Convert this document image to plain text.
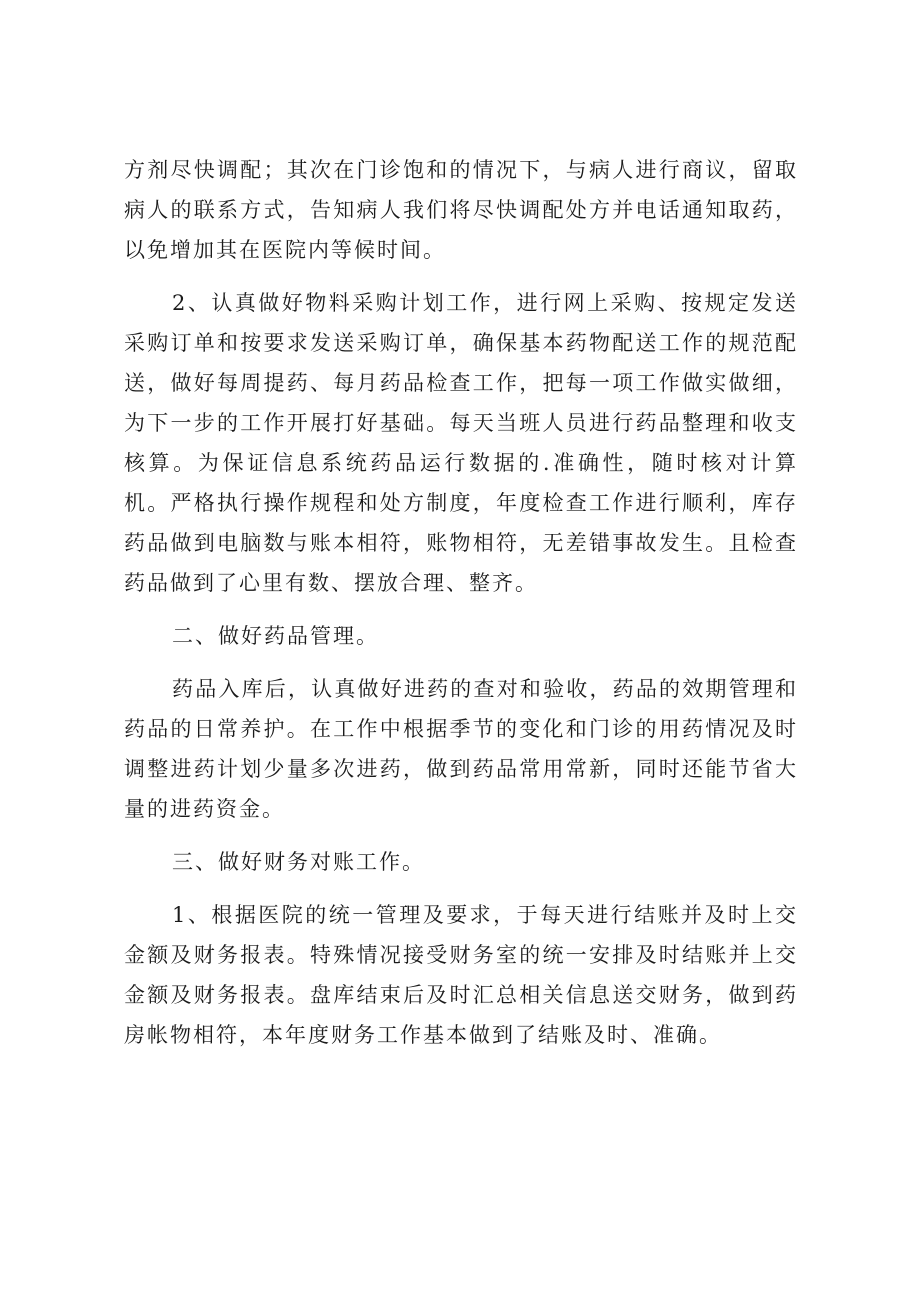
方剂尽快调配；其次在门诊饱和的情况下，与病人进行商议，留取病人的联系方式，告知病人我们将尽快调配处方并电话通知取药，以免增加其在医院内等候时间。

2、认真做好物料采购计划工作，进行网上采购、按规定发送采购订单和按要求发送采购订单，确保基本药物配送工作的规范配送，做好每周提药、每月药品检查工作，把每一项工作做实做细，为下一步的工作开展打好基础。每天当班人员进行药品整理和收支核算。为保证信息系统药品运行数据的.准确性，随时核对计算机。严格执行操作规程和处方制度，年度检查工作进行顺利，库存药品做到电脑数与账本相符，账物相符，无差错事故发生。且检查药品做到了心里有数、摆放合理、整齐。

二、做好药品管理。

药品入库后，认真做好进药的查对和验收，药品的效期管理和药品的日常养护。在工作中根据季节的变化和门诊的用药情况及时调整进药计划少量多次进药，做到药品常用常新，同时还能节省大量的进药资金。

三、做好财务对账工作。

1、根据医院的统一管理及要求，于每天进行结账并及时上交金额及财务报表。特殊情况接受财务室的统一安排及时结账并上交金额及财务报表。盘库结束后及时汇总相关信息送交财务，做到药房帐物相符，本年度财务工作基本做到了结账及时、准确。
